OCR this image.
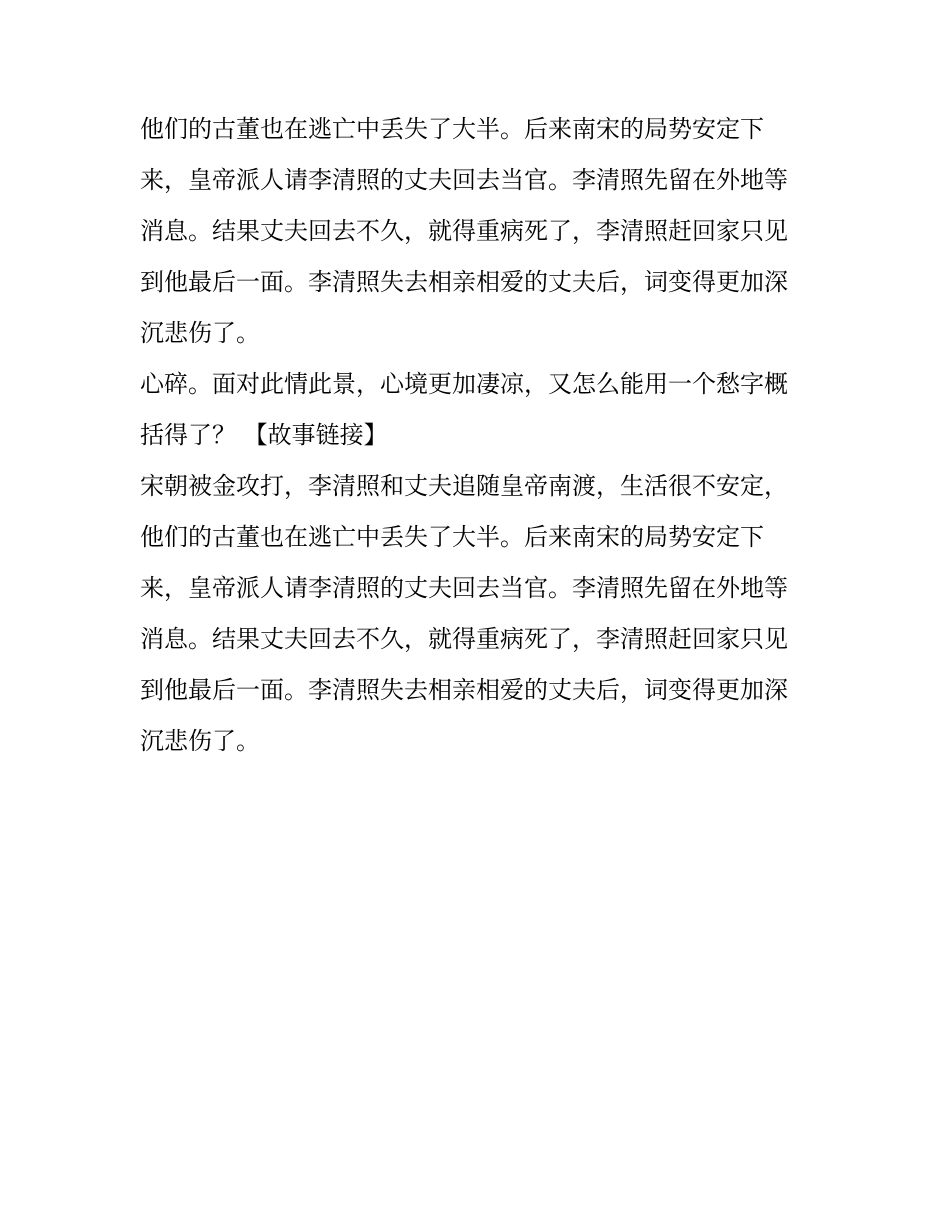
他们的古董也在逃亡中丢失了大半。后来南宋的局势安定下
来，皇帝派人请李清照的丈夫回去当官。李清照先留在外地等
消息。结果丈夫回去不久，就得重病死了，李清照赶回家只见
到他最后一面。李清照失去相亲相爱的丈夫后，词变得更加深
沉悲伤了。
心碎。面对此情此景，心境更加凄凉，又怎么能用一个愁字概
括得了？ 【故事链接】
宋朝被金攻打，李清照和丈夫追随皇帝南渡，生活很不安定，
他们的古董也在逃亡中丢失了大半。后来南宋的局势安定下
来，皇帝派人请李清照的丈夫回去当官。李清照先留在外地等
消息。结果丈夫回去不久，就得重病死了，李清照赶回家只见
到他最后一面。李清照失去相亲相爱的丈夫后，词变得更加深
沉悲伤了。
